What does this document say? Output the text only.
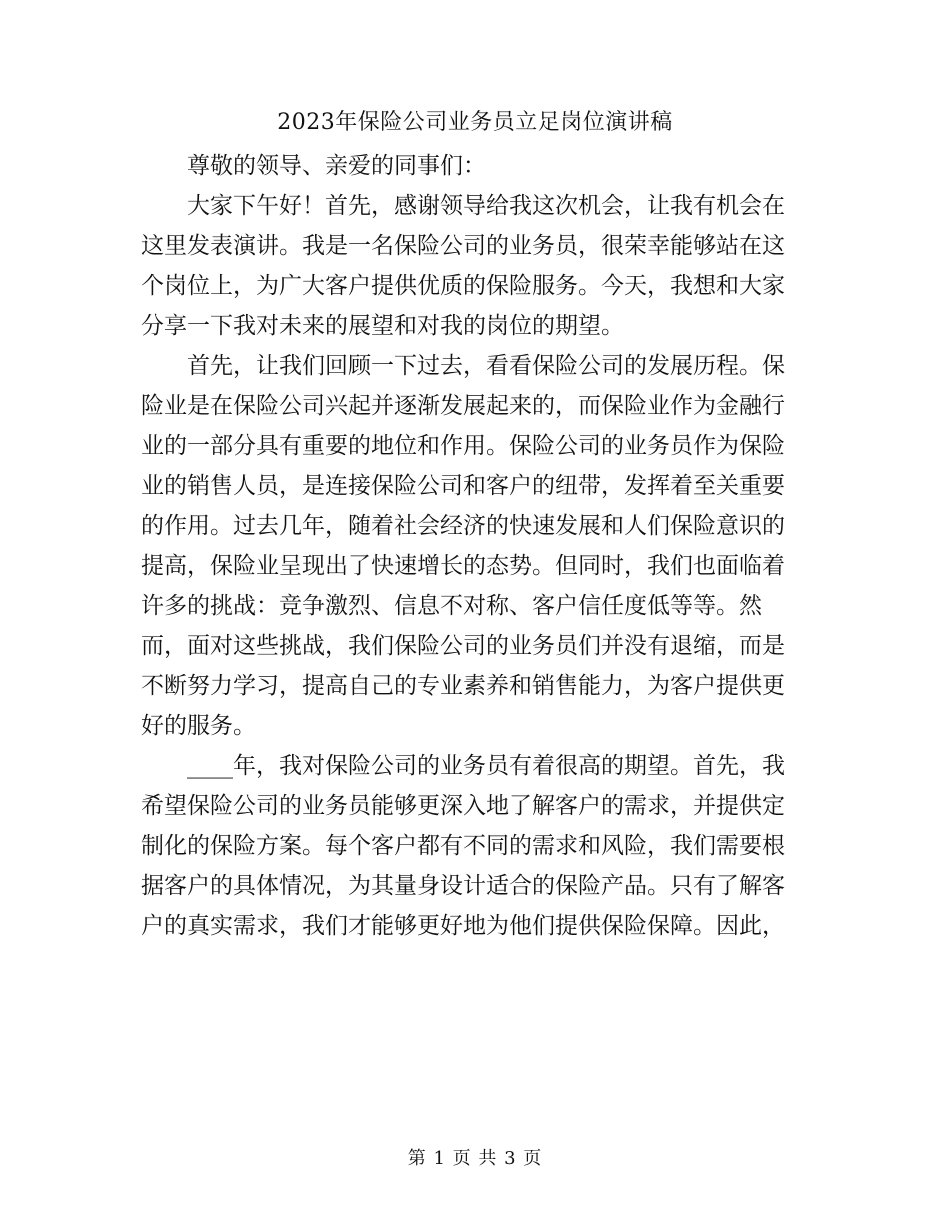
2023年保险公司业务员立足岗位演讲稿

尊敬的领导、亲爱的同事们：

大家下午好！首先，感谢领导给我这次机会，让我有机会在
这里发表演讲。我是一名保险公司的业务员，很荣幸能够站在这
个岗位上，为广大客户提供优质的保险服务。今天，我想和大家
分享一下我对未来的展望和对我的岗位的期望。

首先，让我们回顾一下过去，看看保险公司的发展历程。保
险业是在保险公司兴起并逐渐发展起来的，而保险业作为金融行
业的一部分具有重要的地位和作用。保险公司的业务员作为保险
业的销售人员，是连接保险公司和客户的纽带，发挥着至关重要
的作用。过去几年，随着社会经济的快速发展和人们保险意识的
提高，保险业呈现出了快速增长的态势。但同时，我们也面临着
许多的挑战：竞争激烈、信息不对称、客户信任度低等等。然
而，面对这些挑战，我们保险公司的业务员们并没有退缩，而是
不断努力学习，提高自己的专业素养和销售能力，为客户提供更
好的服务。

____年，我对保险公司的业务员有着很高的期望。首先，我
希望保险公司的业务员能够更深入地了解客户的需求，并提供定
制化的保险方案。每个客户都有不同的需求和风险，我们需要根
据客户的具体情况，为其量身设计适合的保险产品。只有了解客
户的真实需求，我们才能够更好地为他们提供保险保障。因此，

第 1 页 共 3 页
